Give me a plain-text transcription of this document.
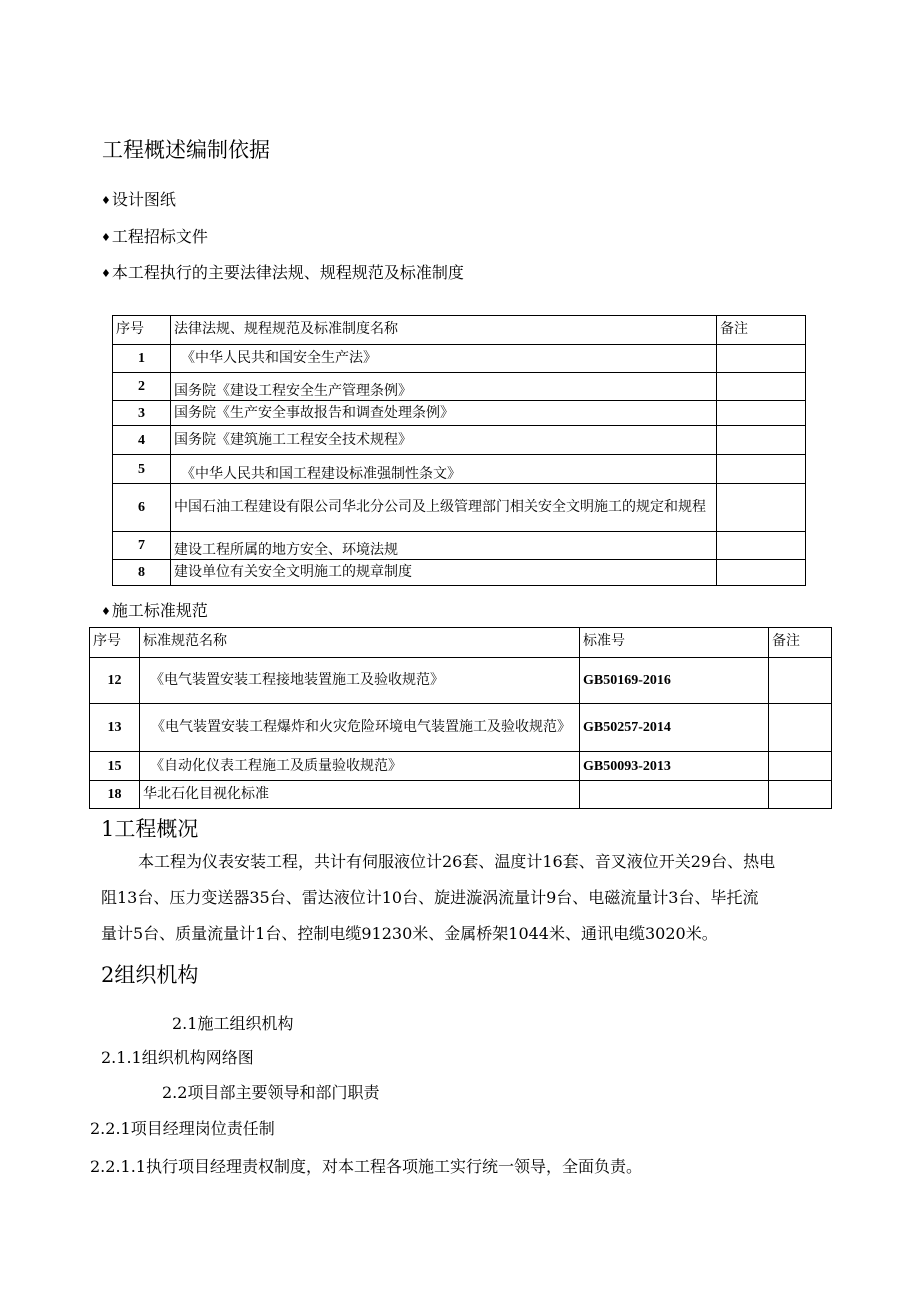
工程概述编制依据
♦设计图纸
♦工程招标文件
♦本工程执行的主要法律法规、规程规范及标准制度
序号	法律法规、规程规范及标准制度名称	备注
1	《中华人民共和国安全生产法》	
2	国务院《建设工程安全生产管理条例》	
3	国务院《生产安全事故报告和调查处理条例》	
4	国务院《建筑施工工程安全技术规程》	
5	《中华人民共和国工程建设标准强制性条文》	
6	中国石油工程建设有限公司华北分公司及上级管理部门相关安全文明施工的规定和规程	
7	建设工程所属的地方安全、环境法规	
8	建设单位有关安全文明施工的规章制度	
♦施工标准规范
序号	标准规范名称	标准号	备注
12	《电气装置安装工程接地装置施工及验收规范》	GB50169-2016	
13	《电气装置安装工程爆炸和火灾危险环境电气装置施工及验收规范》	GB50257-2014	
15	《自动化仪表工程施工及质量验收规范》	GB50093-2013	
18	华北石化目视化标准		
1工程概况
本工程为仪表安装工程，共计有伺服液位计26套、温度计16套、音叉液位开关29台、热电
阻13台、压力变送器35台、雷达液位计10台、旋进漩涡流量计9台、电磁流量计3台、毕托流
量计5台、质量流量计1台、控制电缆91230米、金属桥架1044米、通讯电缆3020米。
2组织机构
2.1施工组织机构
2.1.1组织机构网络图
2.2项目部主要领导和部门职责
2.2.1项目经理岗位责任制
2.2.1.1执行项目经理责权制度，对本工程各项施工实行统一领导，全面负责。
